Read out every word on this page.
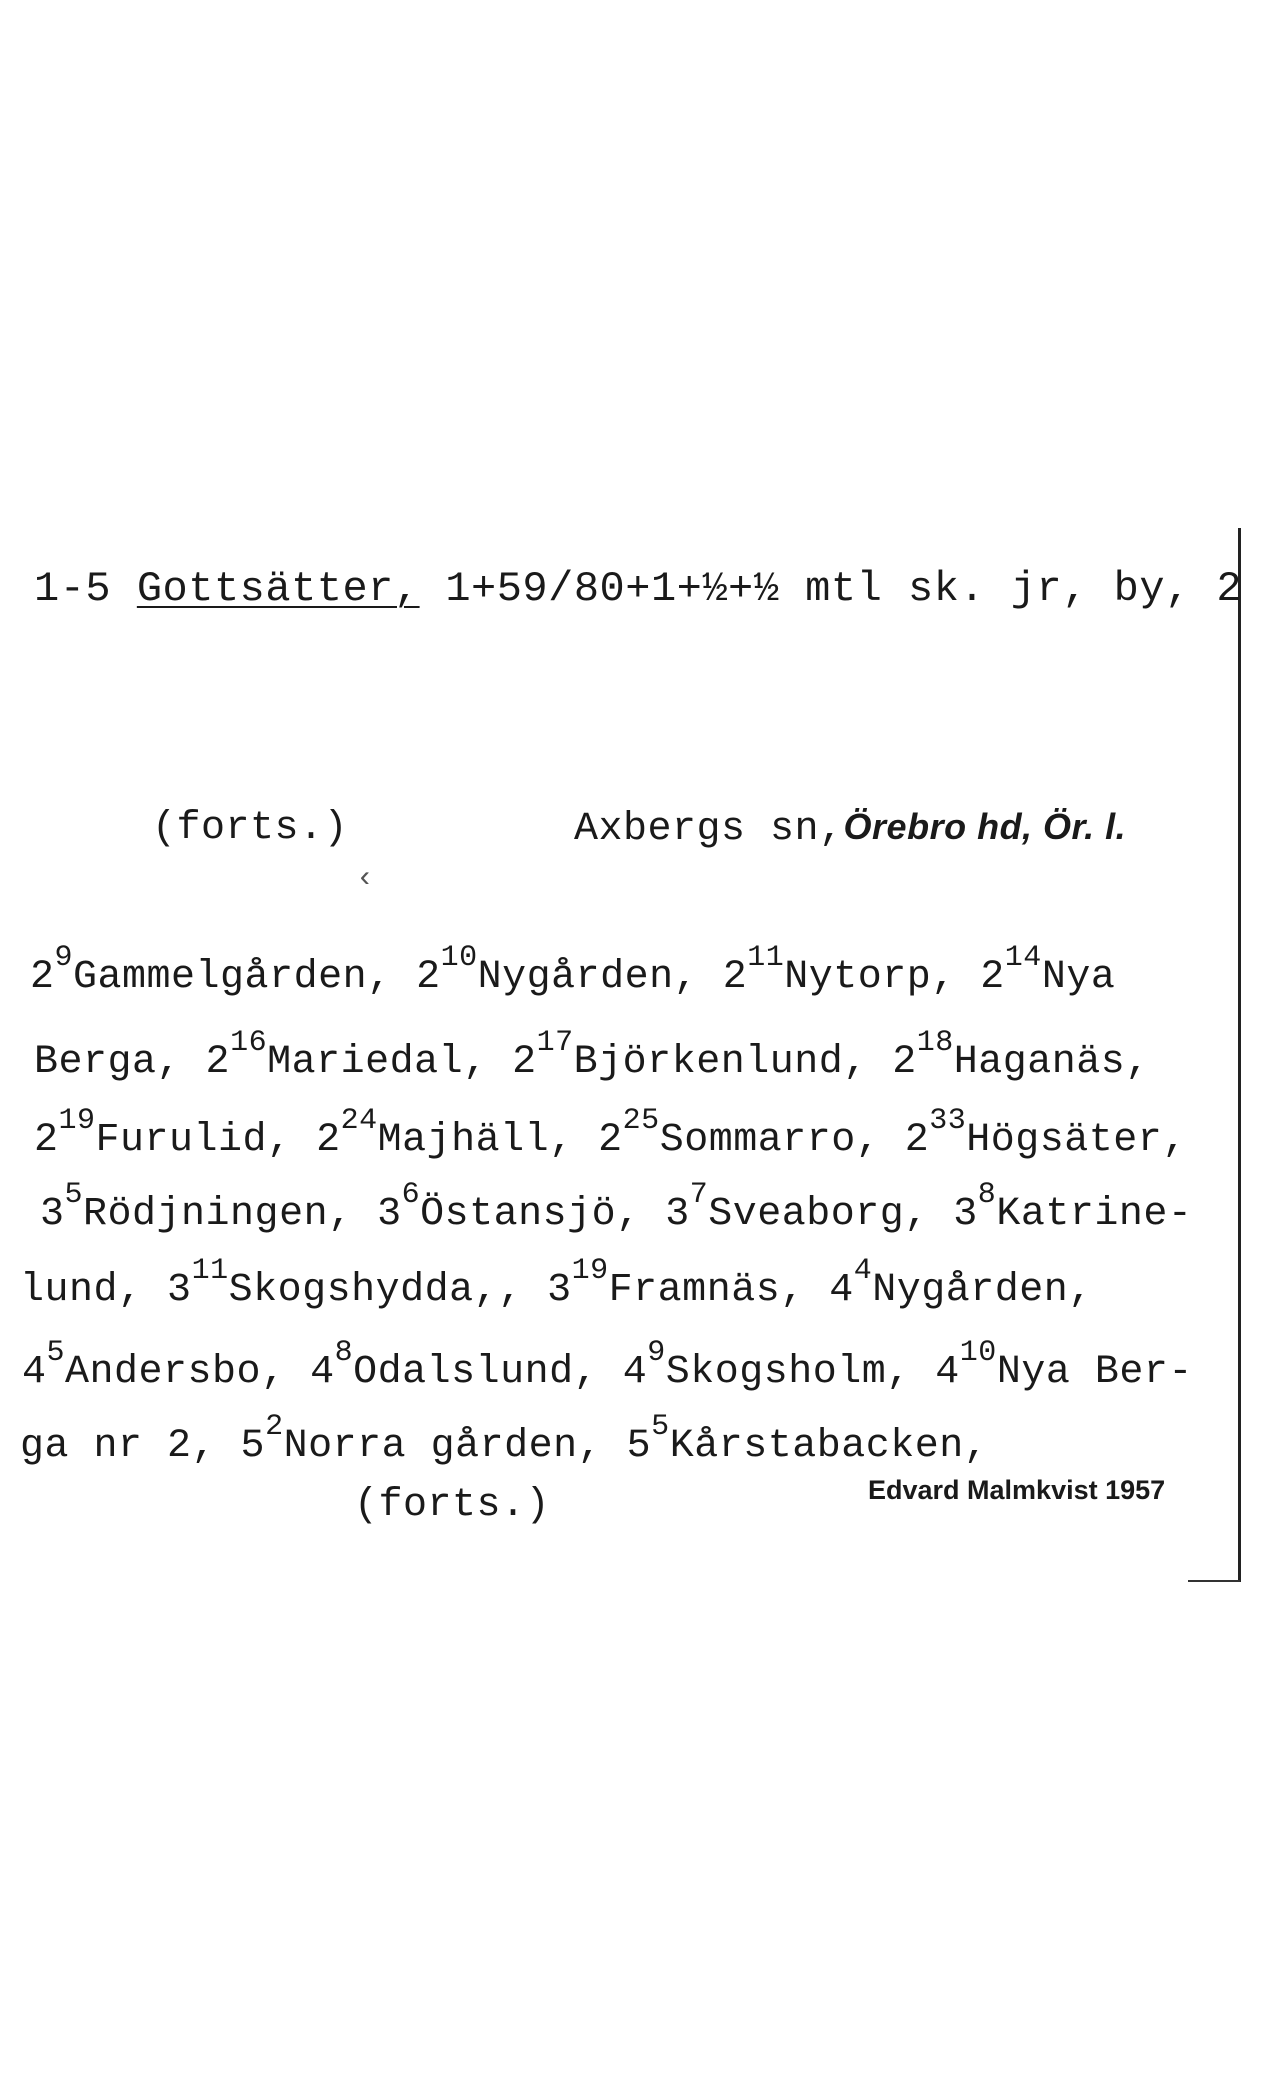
1-5 Gottsätter, 1+59/80+1+½+½ mtl sk. jr, by, 2
(forts.)	Axbergs sn,Örebro hd, Ör. l.
‹
$2^9Gammelgården$, $2^{10}Nygården$, $2^{11}Nytorp$, $2^{14}Nya$
Berga, $2^{16}Mariedal$, $2^{17}Björkenlund$, $2^{18}Haganäs$,
$2^{19}Furulid$, $2^{24}Majhäll$, $2^{25}Sommarro$, $2^{33}Högsäter$,
$3^5Rödjningen$, $3^6Östansjö$, $3^7Sveaborg$, $3^8Katrine-$
lund, $3^{11}Skogshydda$,, $3^{19}Framnäs$, $4^4Nygården$,
$4^5Andersbo$, $4^8Odalslund$, $4^9Skogsholm$, $4^{10}Nya$ Ber-
ga nr 2, $5^2Norra$ gården, $5^5Kårstabacken$,
(forts.)	Edvard Malmkvist 1957
